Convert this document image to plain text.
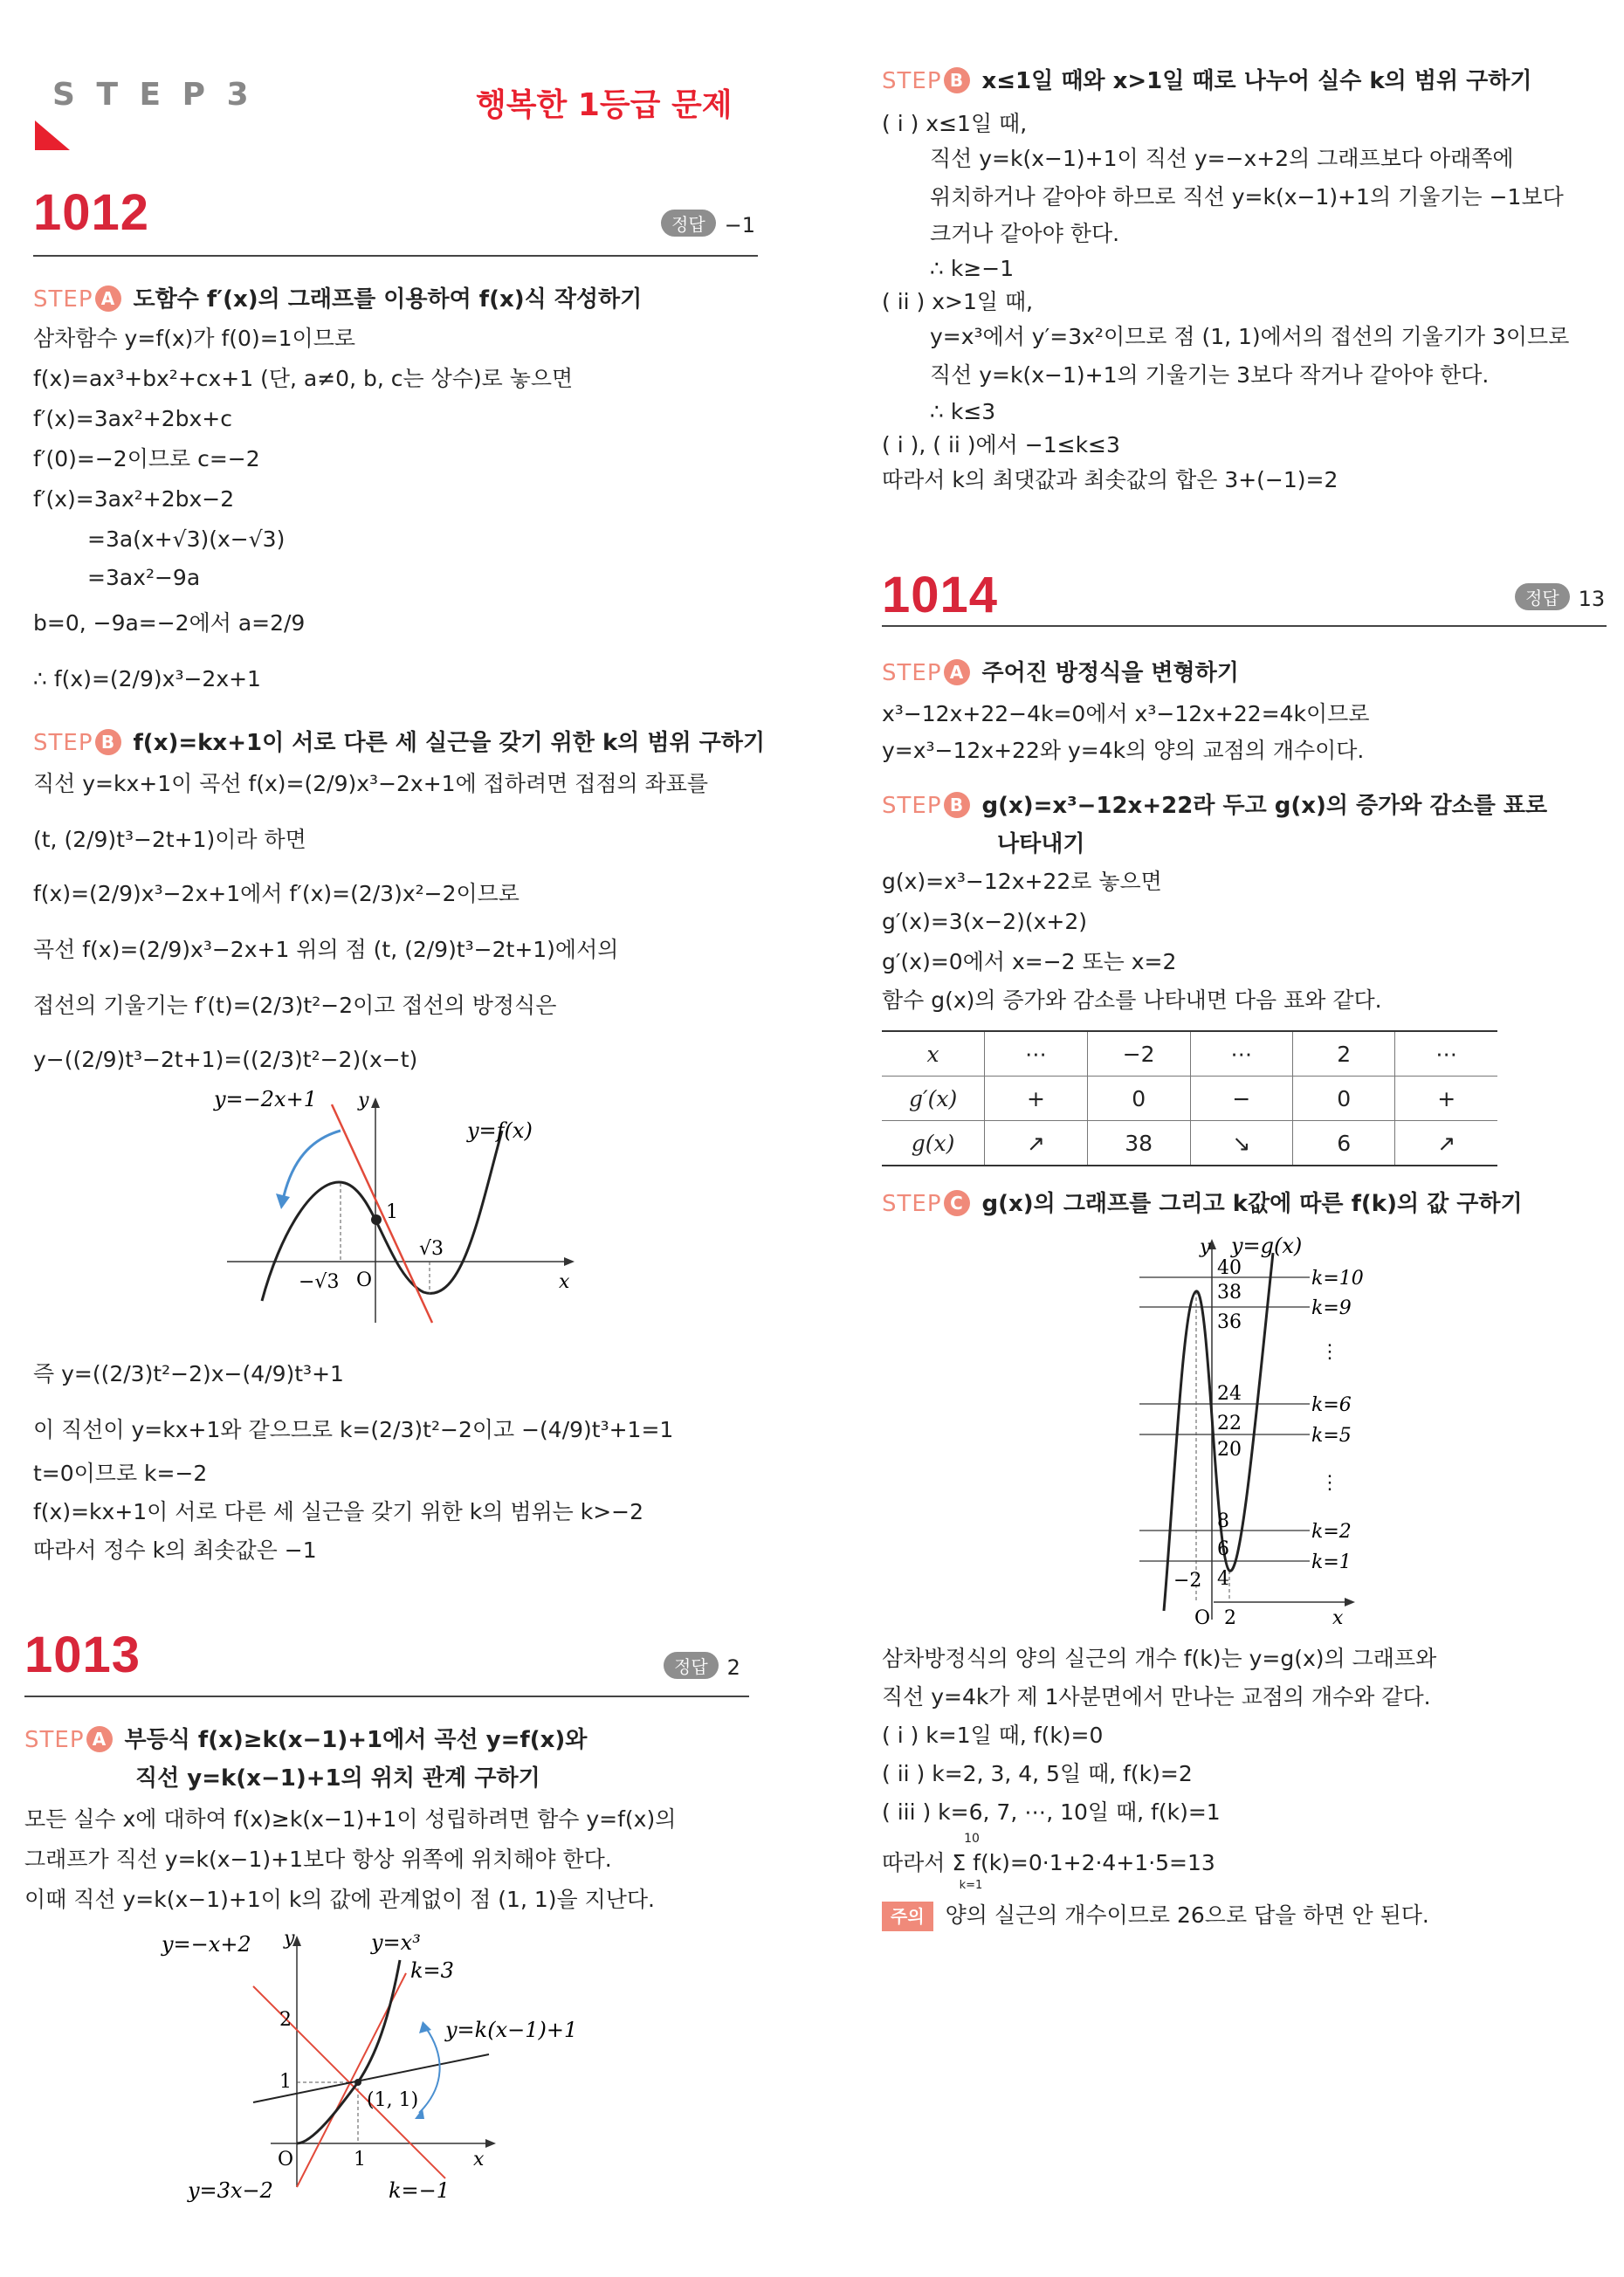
S T E P 3	행복한 1등급 문제
1012	정답 −1
STEP A 도함수 f′(x)의 그래프를 이용하여 f(x)식 작성하기
삼차함수 y=f(x)가 f(0)=1이므로
f(x)=ax³+bx²+cx+1 (단, a≠0, b, c는 상수)로 놓으면
f′(x)=3ax²+2bx+c
f′(0)=−2이므로 c=−2
f′(x)=3ax²+2bx−2
=3a(x+√3)(x−√3)
=3ax²−9a
b=0, −9a=−2에서 a=2/9
∴ f(x)=(2/9)x³−2x+1
STEP B f(x)=kx+1이 서로 다른 세 실근을 갖기 위한 k의 범위 구하기
직선 y=kx+1이 곡선 f(x)=(2/9)x³−2x+1에 접하려면 접점의 좌표를
(t, (2/9)t³−2t+1)이라 하면
f(x)=(2/9)x³−2x+1에서 f′(x)=(2/3)x²−2이므로
곡선 f(x)=(2/9)x³−2x+1 위의 점 (t, (2/9)t³−2t+1)에서의
접선의 기울기는 f′(t)=(2/3)t²−2이고 접선의 방정식은
y−((2/9)t³−2t+1)=((2/3)t²−2)(x−t)
y=−2x+1 y
y=f(x)
1
√3
−√3 O	x
즉 y=((2/3)t²−2)x−(4/9)t³+1
이 직선이 y=kx+1와 같으므로 k=(2/3)t²−2이고 −(4/9)t³+1=1
t=0이므로 k=−2
f(x)=kx+1이 서로 다른 세 실근을 갖기 위한 k의 범위는 k>−2
따라서 정수 k의 최솟값은 −1
1013	정답 2
STEP A 부등식 f(x)≥k(x−1)+1에서 곡선 y=f(x)와
직선 y=k(x−1)+1의 위치 관계 구하기
모든 실수 x에 대하여 f(x)≥k(x−1)+1이 성립하려면 함수 y=f(x)의
그래프가 직선 y=k(x−1)+1보다 항상 위쪽에 위치해야 한다.
이때 직선 y=k(x−1)+1이 k의 값에 관계없이 점 (1, 1)을 지난다.
y=−x+2 y	y=x³
k=3
y=k(x−1)+1
2
1
(1, 1)
O	1	x
y=3x−2	k=−1
STEP B x≤1일 때와 x>1일 때로 나누어 실수 k의 범위 구하기
( i ) x≤1일 때,
직선 y=k(x−1)+1이 직선 y=−x+2의 그래프보다 아래쪽에
위치하거나 같아야 하므로 직선 y=k(x−1)+1의 기울기는 −1보다
크거나 같아야 한다.
∴ k≥−1
( ii ) x>1일 때,
y=x³에서 y′=3x²이므로 점 (1, 1)에서의 접선의 기울기가 3이므로
직선 y=k(x−1)+1의 기울기는 3보다 작거나 같아야 한다.
∴ k≤3
( i ), ( ii )에서 −1≤k≤3
따라서 k의 최댓값과 최솟값의 합은 3+(−1)=2
1014	정답 13
STEP A 주어진 방정식을 변형하기
x³−12x+22−4k=0에서 x³−12x+22=4k이므로
y=x³−12x+22와 y=4k의 양의 교점의 개수이다.
STEP B g(x)=x³−12x+22라 두고 g(x)의 증가와 감소를 표로
나타내기
g(x)=x³−12x+22로 놓으면
g′(x)=3(x−2)(x+2)
g′(x)=0에서 x=−2 또는 x=2
함수 g(x)의 증가와 감소를 나타내면 다음 표와 같다.
x	⋯	−2	⋯	2	⋯
g′(x)	+	0	−	0	+
g(x)	↗	38	↘	6	↗
STEP C g(x)의 그래프를 그리고 k값에 따른 f(k)의 값 구하기
y y=g(x)
40
38
36
24
22
20
8
6
4
−2
O 2	x
k=10
k=9
⋮
k=6
k=5
⋮
k=2
k=1
삼차방정식의 양의 실근의 개수 f(k)는 y=g(x)의 그래프와
직선 y=4k가 제 1사분면에서 만나는 교점의 개수와 같다.
( i ) k=1일 때, f(k)=0
( ii ) k=2, 3, 4, 5일 때, f(k)=2
( iii ) k=6, 7, ⋯, 10일 때, f(k)=1
10
k=1
따라서 Σ f(k)=0·1+2·4+1·5=13
주의 양의 실근의 개수이므로 26으로 답을 하면 안 된다.
